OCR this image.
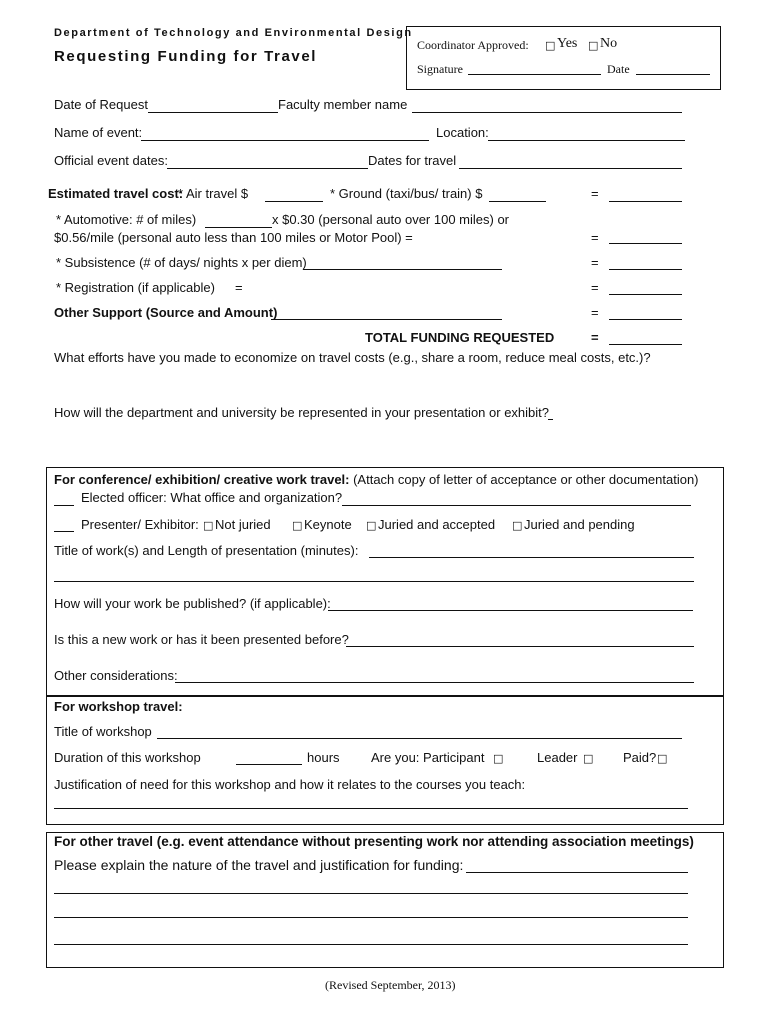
Department of Technology and Environmental Design
Requesting Funding for Travel
Coordinator Approved: □ Yes □ No
Signature	Date
Date of Request	Faculty member name
Name of event:	Location:
Official event dates:	Dates for travel
Estimated travel cost:
* Air travel $	* Ground (taxi/bus/ train) $	=
* Automotive: # of miles)	x $0.30 (personal auto over 100 miles) or
$0.56/mile (personal auto less than 100 miles or Motor Pool) =	=
* Subsistence (# of days/ nights x per diem)	=
* Registration (if applicable) =	=
Other Support (Source and Amount)	=
TOTAL FUNDING REQUESTED	=
What efforts have you made to economize on travel costs (e.g., share a room, reduce meal costs, etc.)?
How will the department and university be represented in your presentation or exhibit?
For conference/ exhibition/ creative work travel: (Attach copy of letter of acceptance or other documentation)
Elected officer: What office and organization?
Presenter/ Exhibitor: □ Not juried □ Keynote □ Juried and accepted □ Juried and pending
Title of work(s) and Length of presentation (minutes):
How will your work be published? (if applicable):
Is this a new work or has it been presented before?
Other considerations:
For workshop travel:
Title of workshop
Duration of this workshop	hours Are you: Participant □	Leader □ Paid? □
Justification of need for this workshop and how it relates to the courses you teach:
For other travel (e.g. event attendance without presenting work nor attending association meetings)
Please explain the nature of the travel and justification for funding:
(Revised September, 2013)
